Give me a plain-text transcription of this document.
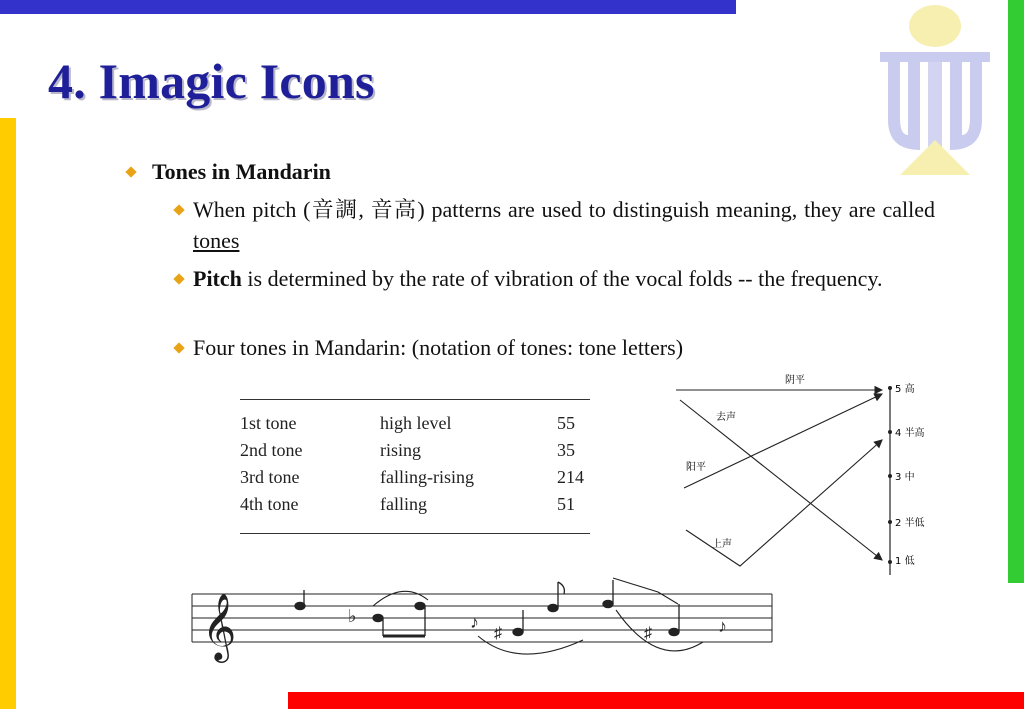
4. Imagic Icons
Tones in Mandarin
When pitch (音調, 音高) patterns are used to distinguish meaning, they are called tones
Pitch is determined by the rate of vibration of the vocal folds -- the frequency.
Four tones in Mandarin: (notation of tones: tone letters)
1st tone	high level	55
2nd tone	rising	35
3rd tone	falling-rising	214
4th tone	falling	51
5 高
4 半高
3 中
2 半低
1 低
阴平
去声
阳平
上声
𝄞	♭	♪
♯	♯	♪
